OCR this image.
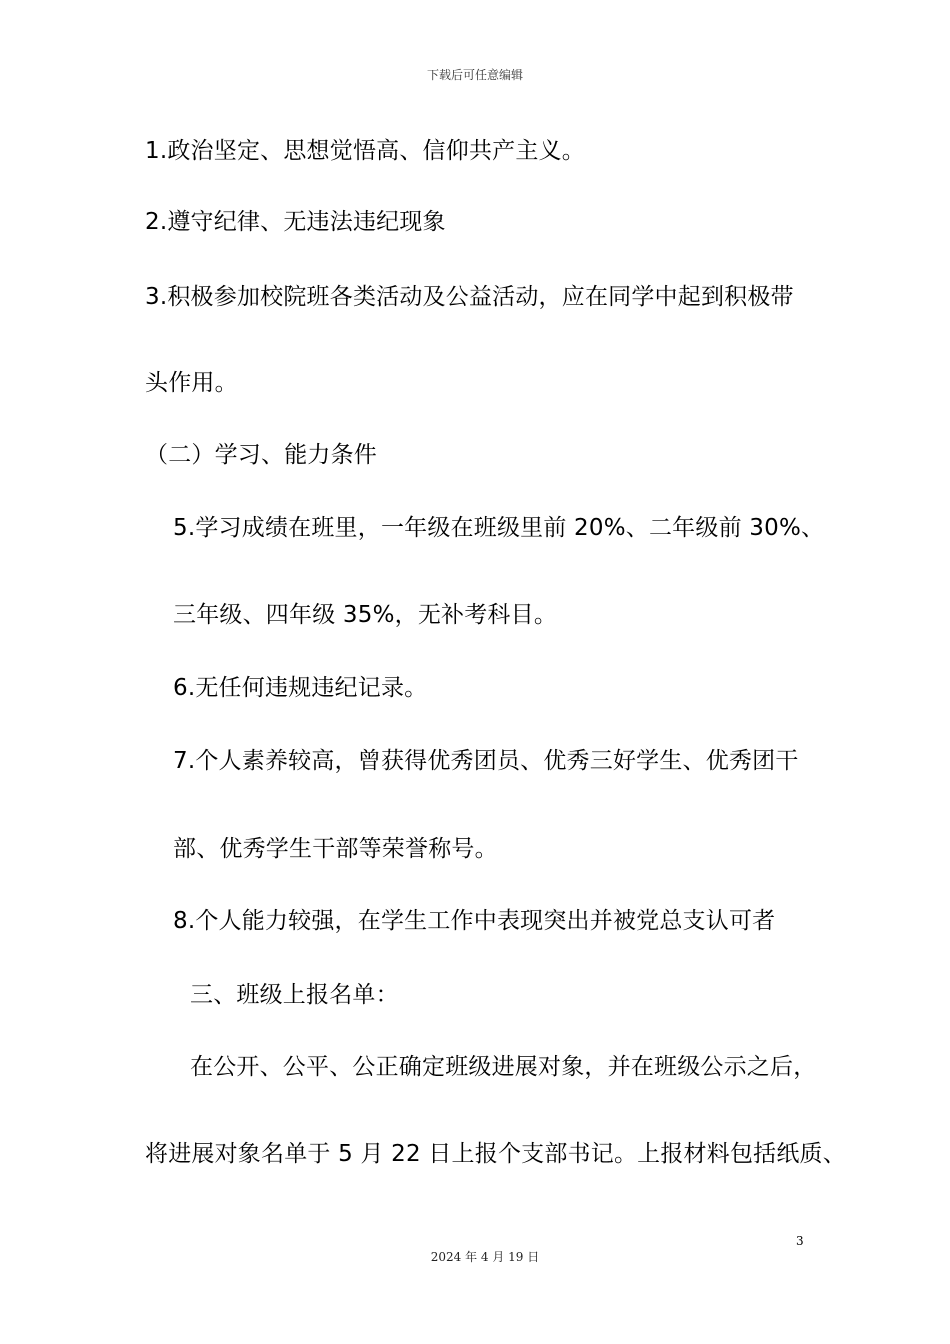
下载后可任意编辑
1.政治坚定、思想觉悟高、信仰共产主义。
2.遵守纪律、无违法违纪现象
3.积极参加校院班各类活动及公益活动，应在同学中起到积极带
头作用。
（二）学习、能力条件
5.学习成绩在班里，一年级在班级里前 20%、二年级前 30%、
三年级、四年级 35%，无补考科目。
6.无任何违规违纪记录。
7.个人素养较高，曾获得优秀团员、优秀三好学生、优秀团干
部、优秀学生干部等荣誉称号。
8.个人能力较强，在学生工作中表现突出并被党总支认可者
三、班级上报名单：
在公开、公平、公正确定班级进展对象，并在班级公示之后，
将进展对象名单于 5 月 22 日上报个支部书记。上报材料包括纸质、
3
2024 年 4 月 19 日
